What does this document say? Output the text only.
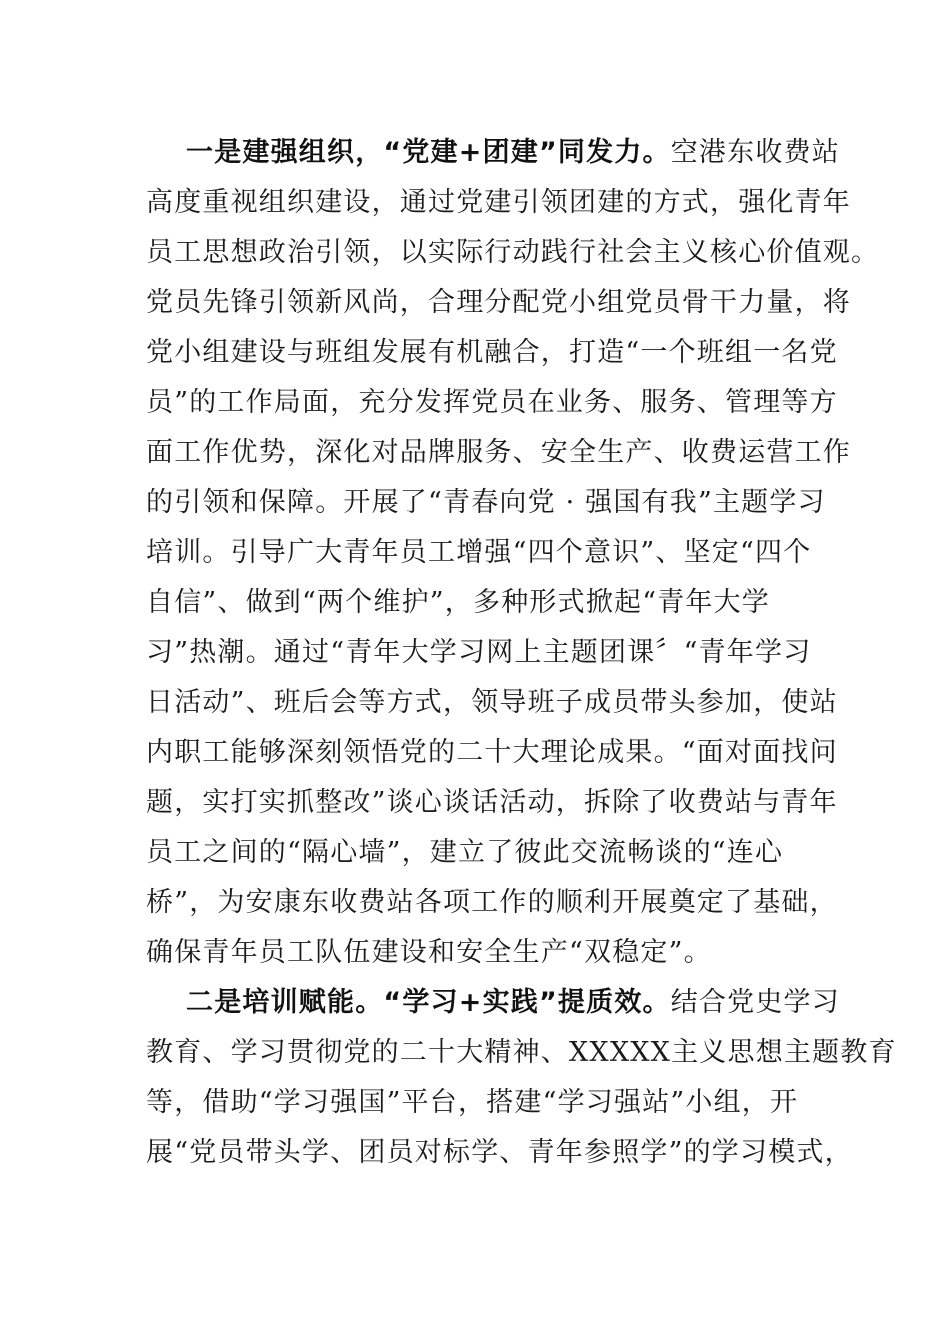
一是建强组织，“党建+团建”同发力。空港东收费站
高度重视组织建设，通过党建引领团建的方式，强化青年
员工思想政治引领，以实际行动践行社会主义核心价值观。
党员先锋引领新风尚，合理分配党小组党员骨干力量，将
党小组建设与班组发展有机融合，打造“一个班组一名党
员”的工作局面，充分发挥党员在业务、服务、管理等方
面工作优势，深化对品牌服务、安全生产、收费运营工作
的引领和保障。开展了“青春向党 · 强国有我”主题学习
培训。引导广大青年员工增强“四个意识”、坚定“四个
自信”、做到“两个维护”，多种形式掀起“青年大学
习”热潮。通过“青年大学习网上主题团课〞“青年学习
日活动”、班后会等方式，领导班子成员带头参加，使站
内职工能够深刻领悟党的二十大理论成果。“面对面找问
题，实打实抓整改”谈心谈话活动，拆除了收费站与青年
员工之间的“隔心墙”，建立了彼此交流畅谈的“连心
桥”，为安康东收费站各项工作的顺利开展奠定了基础，
确保青年员工队伍建设和安全生产“双稳定”。
二是培训赋能。“学习+实践”提质效。结合党史学习
教育、学习贯彻党的二十大精神、XXXXX主义思想主题教育
等，借助“学习强国”平台，搭建“学习强站”小组，开
展“党员带头学、团员对标学、青年参照学”的学习模式，
